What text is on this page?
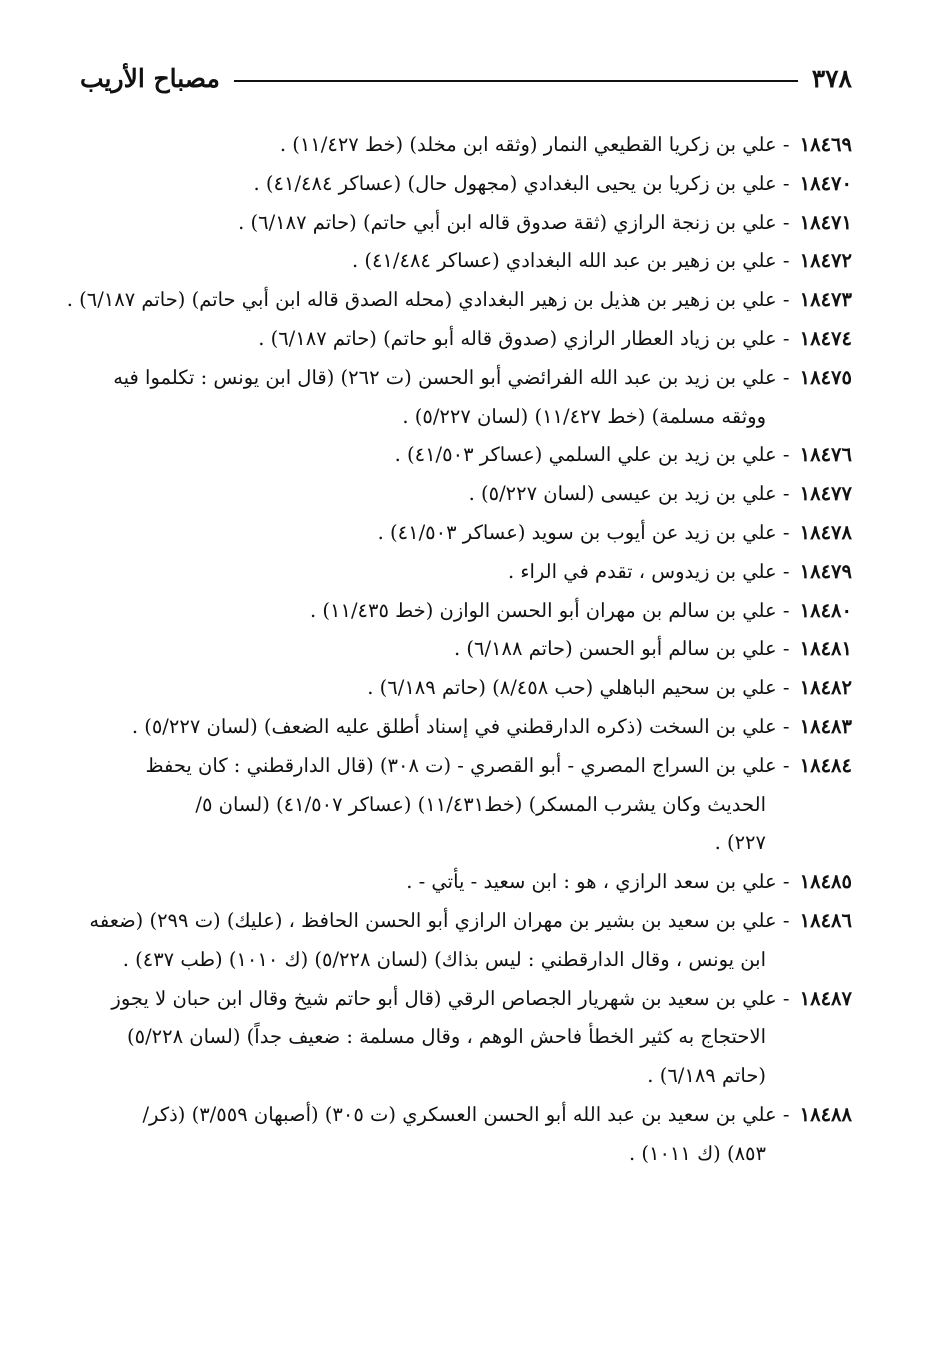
٣٧٨
مصباح الأريب
١٨٤٦٩ - علي بن زكريا القطيعي النمار (وثقه ابن مخلد) (خط ١١/٤٢٧) .
١٨٤٧٠ - علي بن زكريا بن يحيى البغدادي (مجهول حال) (عساكر ٤١/٤٨٤) .
١٨٤٧١ - علي بن زنجة الرازي (ثقة صدوق قاله ابن أبي حاتم) (حاتم ٦/١٨٧) .
١٨٤٧٢ - علي بن زهير بن عبد الله البغدادي (عساكر ٤١/٤٨٤) .
١٨٤٧٣ - علي بن زهير بن هذيل بن زهير البغدادي (محله الصدق قاله ابن أبي حاتم) (حاتم ٦/١٨٧) .
١٨٤٧٤ - علي بن زياد العطار الرازي (صدوق قاله أبو حاتم) (حاتم ٦/١٨٧) .
١٨٤٧٥ - علي بن زيد بن عبد الله الفرائضي أبو الحسن (ت ٢٦٢) (قال ابن يونس : تكلموا فيه
ووثقه مسلمة) (خط ١١/٤٢٧) (لسان ٥/٢٢٧) .
١٨٤٧٦ - علي بن زيد بن علي السلمي (عساكر ٤١/٥٠٣) .
١٨٤٧٧ - علي بن زيد بن عيسى (لسان ٥/٢٢٧) .
١٨٤٧٨ - علي بن زيد عن أيوب بن سويد (عساكر ٤١/٥٠٣) .
١٨٤٧٩ - علي بن زيدوس ، تقدم في الراء .
١٨٤٨٠ - علي بن سالم بن مهران أبو الحسن الوازن (خط ١١/٤٣٥) .
١٨٤٨١ - علي بن سالم أبو الحسن (حاتم ٦/١٨٨) .
١٨٤٨٢ - علي بن سحيم الباهلي (حب ٨/٤٥٨) (حاتم ٦/١٨٩) .
١٨٤٨٣ - علي بن السخت (ذكره الدارقطني في إسناد أطلق عليه الضعف) (لسان ٥/٢٢٧) .
١٨٤٨٤ - علي بن السراج المصري - أبو القصري - (ت ٣٠٨) (قال الدارقطني : كان يحفظ
الحديث وكان يشرب المسكر) (خط١١/٤٣١) (عساكر ٤١/٥٠٧) (لسان ٥/
٢٢٧) .
١٨٤٨٥ - علي بن سعد الرازي ، هو : ابن سعيد - يأتي - .
١٨٤٨٦ - علي بن سعيد بن بشير بن مهران الرازي أبو الحسن الحافظ ، (عليك) (ت ٢٩٩) (ضعفه
ابن يونس ، وقال الدارقطني : ليس بذاك) (لسان ٥/٢٢٨) (ك ١٠١٠) (طب ٤٣٧) .
١٨٤٨٧ - علي بن سعيد بن شهريار الجصاص الرقي (قال أبو حاتم شيخ وقال ابن حبان لا يجوز
الاحتجاج به كثير الخطأ فاحش الوهم ، وقال مسلمة : ضعيف جداً) (لسان ٥/٢٢٨)
(حاتم ٦/١٨٩) .
١٨٤٨٨ - علي بن سعيد بن عبد الله أبو الحسن العسكري (ت ٣٠٥) (أصبهان ٣/٥٥٩) (ذكر/
٨٥٣) (ك ١٠١١) .
